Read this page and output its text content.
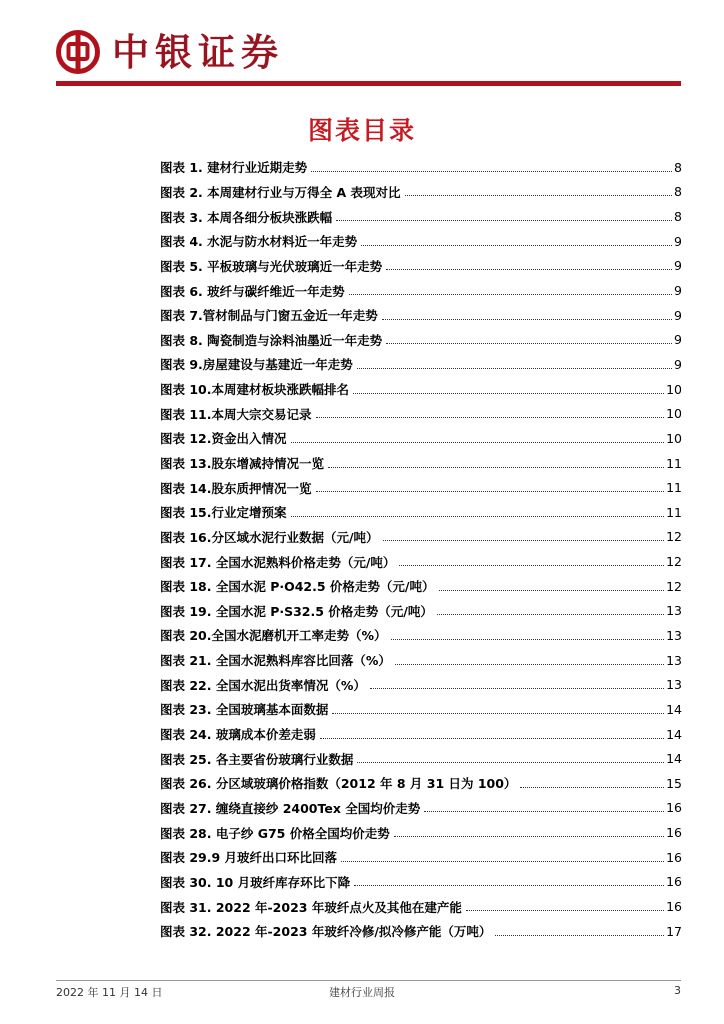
中银证券
图表目录
图表 1. 建材行业近期走势	8
图表 2. 本周建材行业与万得全 A 表现对比	8
图表 3. 本周各细分板块涨跌幅	8
图表 4. 水泥与防水材料近一年走势	9
图表 5. 平板玻璃与光伏玻璃近一年走势	9
图表 6. 玻纤与碳纤维近一年走势	9
图表 7.管材制品与门窗五金近一年走势	9
图表 8. 陶瓷制造与涂料油墨近一年走势	9
图表 9.房屋建设与基建近一年走势	9
图表 10.本周建材板块涨跌幅排名	10
图表 11.本周大宗交易记录	10
图表 12.资金出入情况	10
图表 13.股东增减持情况一览	11
图表 14.股东质押情况一览	11
图表 15.行业定增预案	11
图表 16.分区域水泥行业数据（元/吨）	12
图表 17. 全国水泥熟料价格走势（元/吨）	12
图表 18. 全国水泥 P·O42.5 价格走势（元/吨）	12
图表 19. 全国水泥 P·S32.5 价格走势（元/吨）	13
图表 20.全国水泥磨机开工率走势（%）	13
图表 21. 全国水泥熟料库容比回落（%）	13
图表 22. 全国水泥出货率情况（%）	13
图表 23. 全国玻璃基本面数据	14
图表 24. 玻璃成本价差走弱	14
图表 25. 各主要省份玻璃行业数据	14
图表 26. 分区域玻璃价格指数（2012 年 8 月 31 日为 100）	15
图表 27. 缠绕直接纱 2400Tex 全国均价走势	16
图表 28. 电子纱 G75 价格全国均价走势	16
图表 29.9 月玻纤出口环比回落	16
图表 30. 10 月玻纤库存环比下降	16
图表 31. 2022 年-2023 年玻纤点火及其他在建产能	16
图表 32. 2022 年-2023 年玻纤冷修/拟冷修产能（万吨）	17
2022 年 11 月 14 日	建材行业周报	3
